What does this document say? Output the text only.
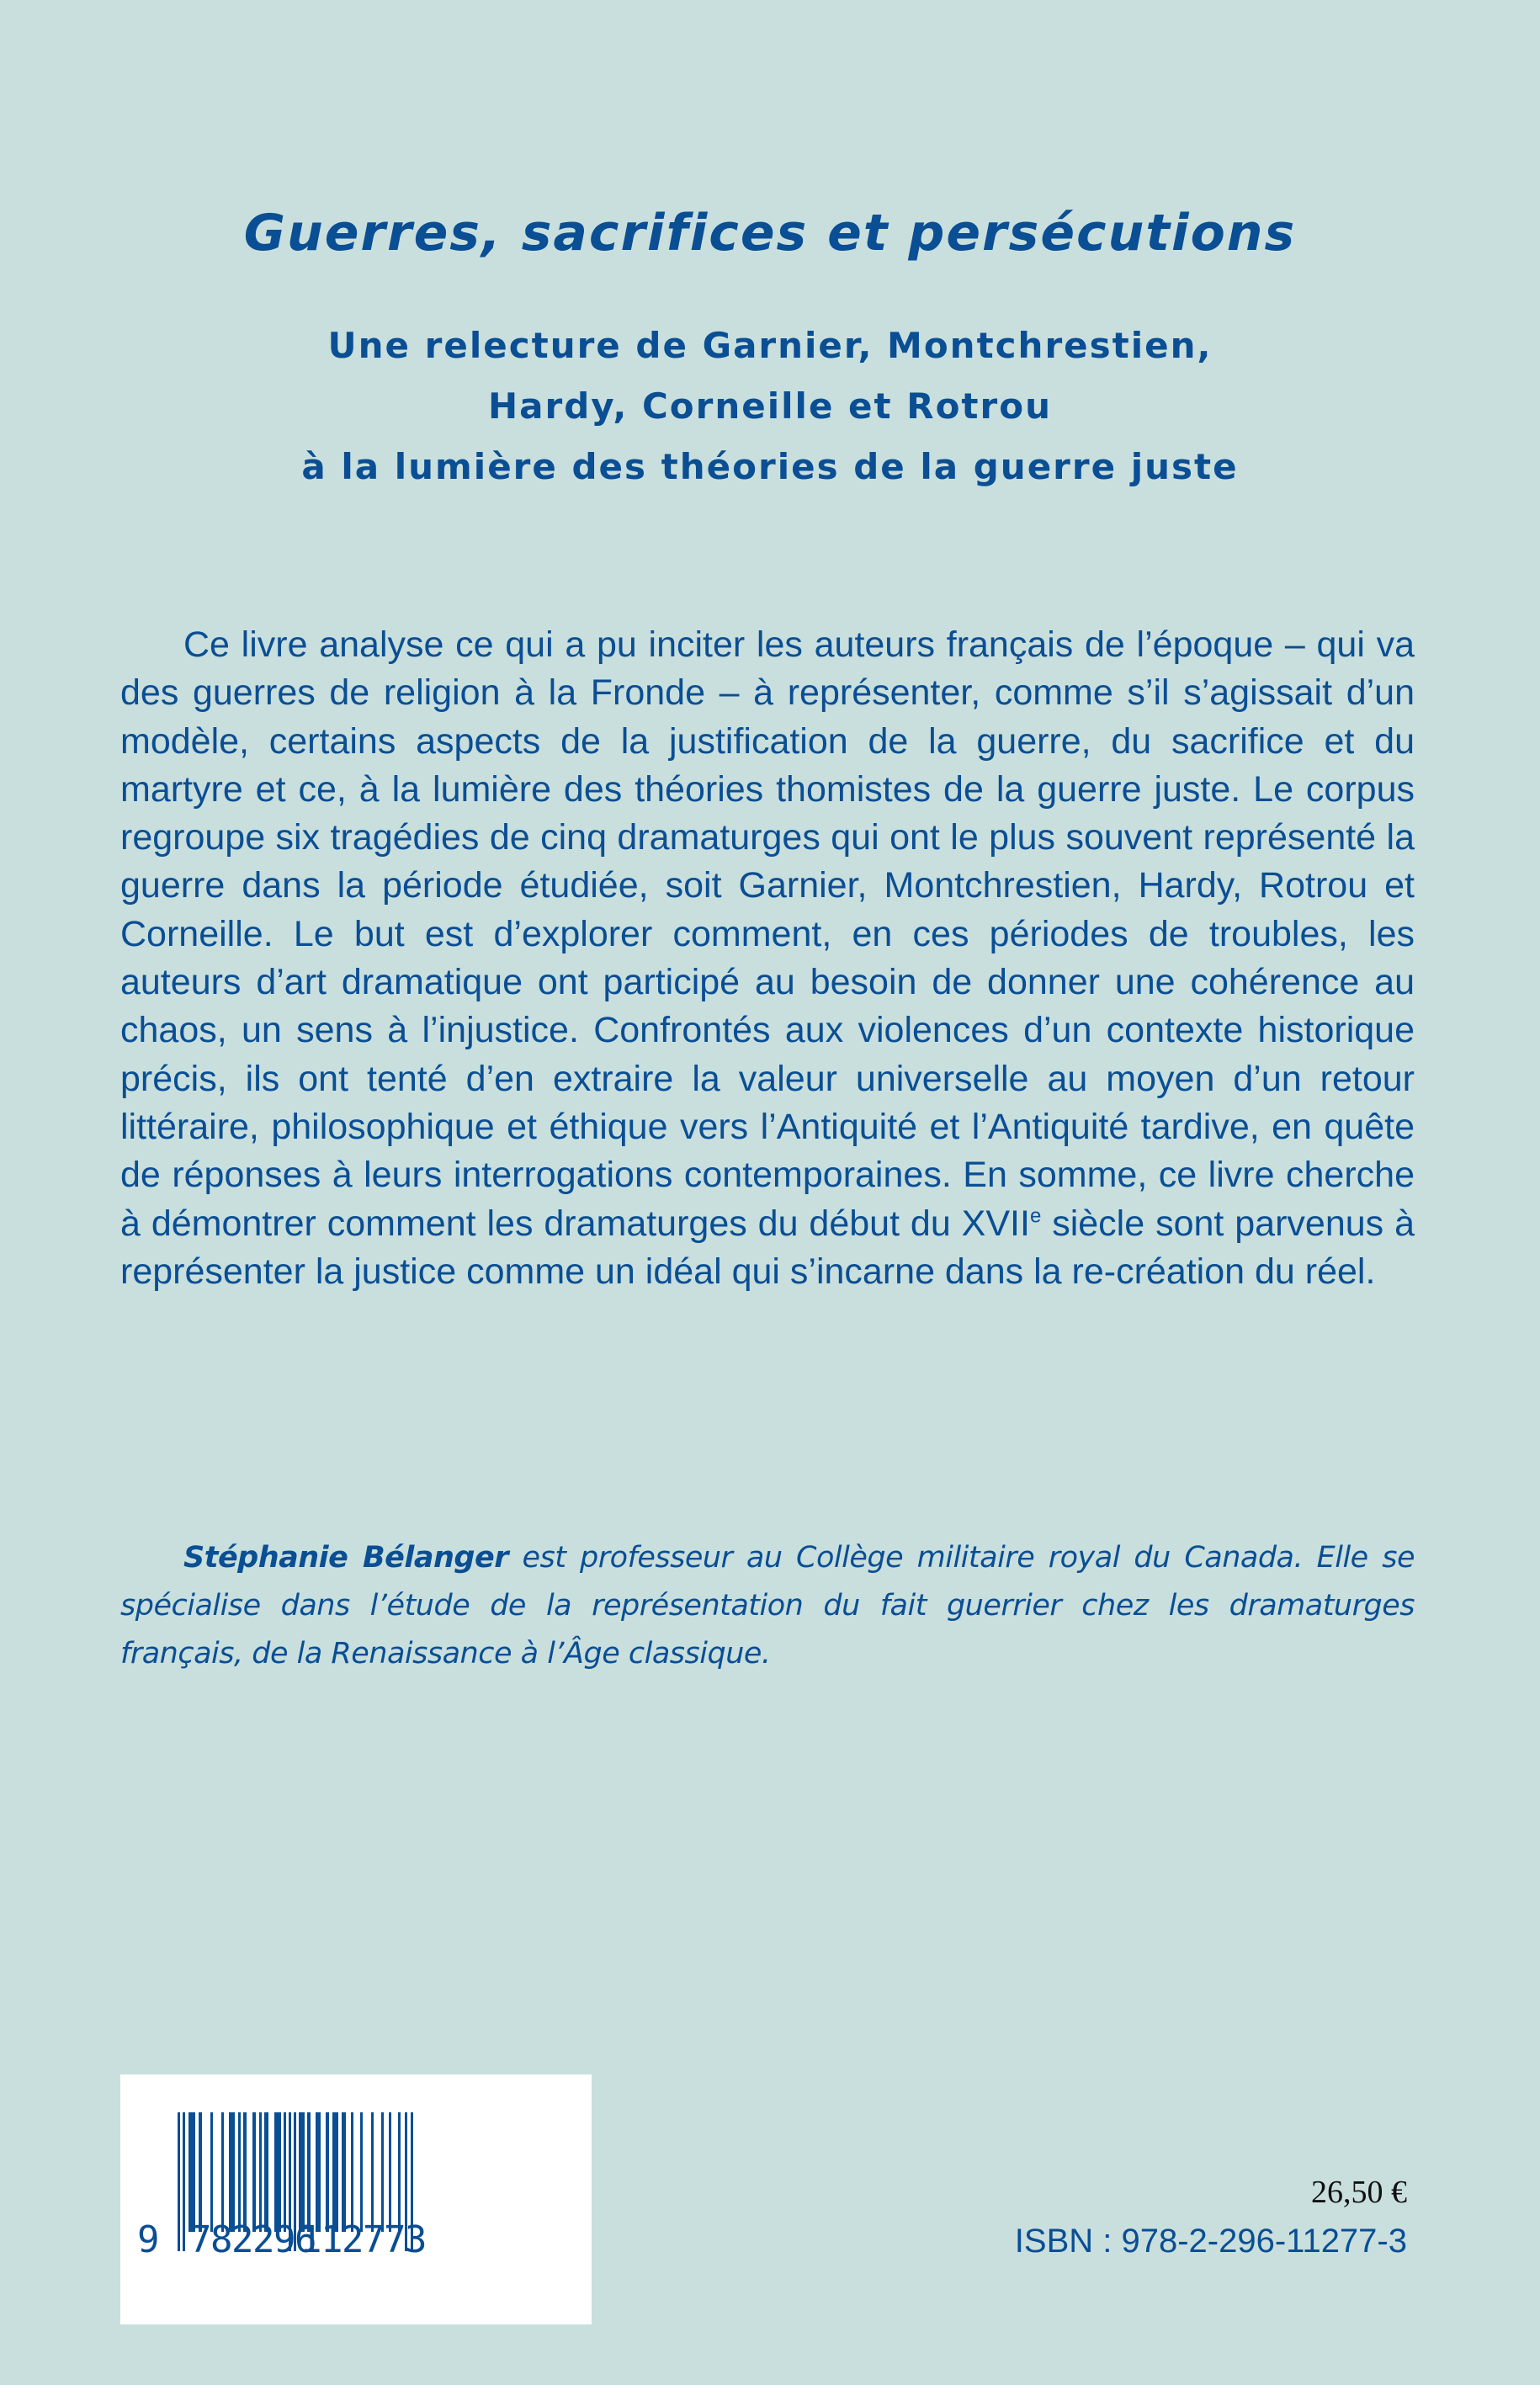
Guerres, sacrifices et persécutions
Une relecture de Garnier, Montchrestien,
Hardy, Corneille et Rotrou
à la lumière des théories de la guerre juste

Ce livre analyse ce qui a pu inciter les auteurs français de l’époque – qui va des guerres de religion à la Fronde – à représenter, comme s’il s’agissait d’un modèle, certains aspects de la justification de la guerre, du sacrifice et du martyre et ce, à la lumière des théories thomistes de la guerre juste. Le corpus regroupe six tragédies de cinq dramaturges qui ont le plus souvent représenté la guerre dans la période étudiée, soit Garnier, Montchrestien, Hardy, Rotrou et Corneille. Le but est d’explorer comment, en ces périodes de troubles, les auteurs d’art dramatique ont participé au besoin de donner une cohérence au chaos, un sens à l’injustice. Confrontés aux violences d’un contexte historique précis, ils ont tenté d’en extraire la valeur universelle au moyen d’un retour littéraire, philosophique et éthique vers l’Antiquité et l’Antiquité tardive, en quête de réponses à leurs interrogations contemporaines. En somme, ce livre cherche à démontrer comment les dramaturges du début du XVIIe siècle sont parvenus à représenter la justice comme un idéal qui s’incarne dans la re-création du réel.

Stéphanie Bélanger est professeur au Collège militaire royal du Canada. Elle se spécialise dans l’étude de la représentation du fait guerrier chez les dramaturges français, de la Renaissance à l’Âge classique.

9 782296
112773
26,50 €
ISBN : 978-2-296-11277-3
